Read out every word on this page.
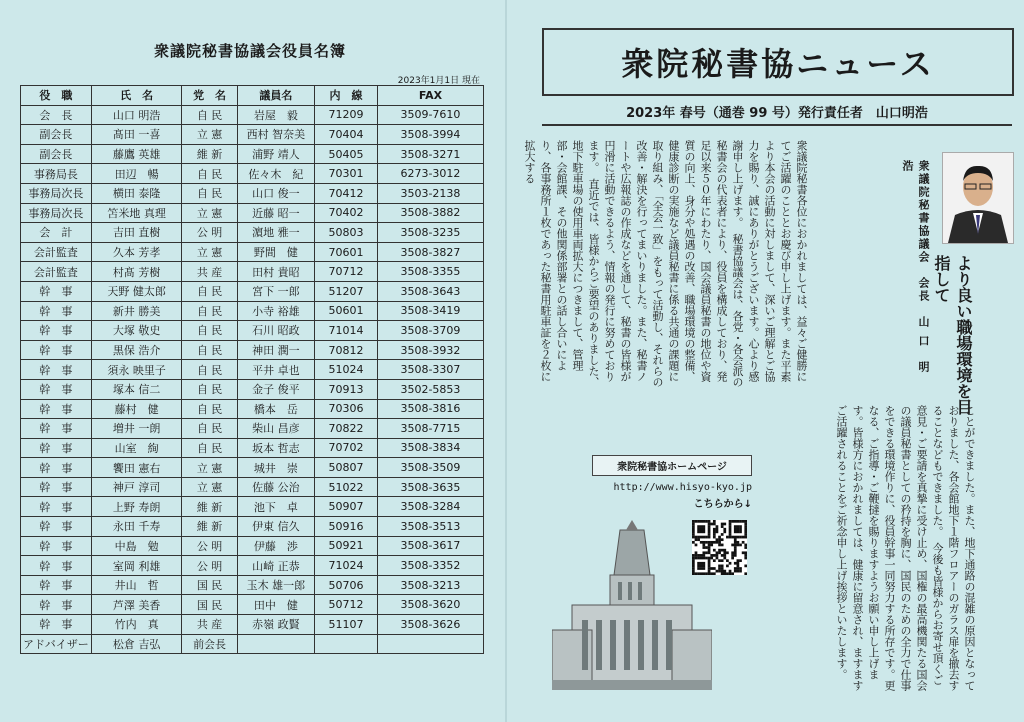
衆議院秘書協議会役員名簿
2023年1月1日 現在
役　職	氏　名	党　名	議員名	内　線	FAX
会　長	山口 明浩	自 民	岩屋　毅	71209	3509-7610
副会長	髙田 一喜	立 憲	西村 智奈美	70404	3508-3994
副会長	藤鷹 英雄	維 新	浦野 靖人	50405	3508-3271
事務局長	田辺　暢	自 民	佐々木　紀	70301	6273-3012
事務局次長	横田 泰隆	自 民	山口 俊一	70412	3503-2138
事務局次長	笘米地 真理	立 憲	近藤 昭一	70402	3508-3882
会　計	吉田 直樹	公 明	濵地 雅一	50803	3508-3235
会計監査	久本 芳孝	立 憲	野間　健	70601	3508-3827
会計監査	村髙 芳樹	共 産	田村 貴昭	70712	3508-3355
幹　事	天野 健太郎	自 民	宮下 一郎	51207	3508-3643
幹　事	新井 勝美	自 民	小寺 裕雄	50601	3508-3419
幹　事	大塚 敬史	自 民	石川 昭政	71014	3508-3709
幹　事	黒保 浩介	自 民	神田 潤一	70812	3508-3932
幹　事	須永 映里子	自 民	平井 卓也	51024	3508-3307
幹　事	塚本 信二	自 民	金子 俊平	70913	3502-5853
幹　事	藤村　健	自 民	橋本　岳	70306	3508-3816
幹　事	増井 一朗	自 民	柴山 昌彦	70822	3508-7715
幹　事	山室　絢	自 民	坂本 哲志	70702	3508-3834
幹　事	饗田 憲右	立 憲	城井　崇	50807	3508-3509
幹　事	神戸 淳司	立 憲	佐藤 公治	51022	3508-3635
幹　事	上野 寿朗	維 新	池下　卓	50907	3508-3284
幹　事	永田 千寿	維 新	伊東 信久	50916	3508-3513
幹　事	中島　勉	公 明	伊藤　渉	50921	3508-3617
幹　事	室岡 利雄	公 明	山崎 正恭	71024	3508-3352
幹　事	井山　哲	国 民	玉木 雄一郎	50706	3508-3213
幹　事	芦澤 美香	国 民	田中　健	50712	3508-3620
幹　事	竹内　真	共 産	赤嶺 政賢	51107	3508-3626
アドバイザー	松倉 吉弘	前会長			
衆院秘書協ニュース
2023年 春号（通巻 99 号）発行責任者　山口明浩
より良い職場環境を目指して
衆議院秘書協議会　会長　山 口　明　浩
衆議院秘書各位におかれましては、益々ご健勝にてご活躍のこととお慶び申し上げます。また平素より本会の活動に対しまして、深いご理解とご協力を賜り、誠にありがとうございます。心より感謝申し上げます。　秘書協議会は、各党・各会派の秘書会の代表者により、役員を構成しており、発足以来５０年にわたり、国会議員秘書の地位や資質の向上、身分や処遇の改善、職場環境の整備、健康診断の実施など議員秘書に係る共通の課題に取り組み、「全会一致」をもって活動し、それらの改善・解決を行ってまいりました。また、秘書ノートや広報誌の作成などを通して、秘書の皆様が円滑に活動できるよう、情報の発行に努めております。　直近では、皆様からご要望のありました、地下駐車場の使用車両拡大につきまして、管理部・会館課、その他関係部署との話し合いにより、各事務所１枚であった秘書用駐車証を２枚に拡大する
ことができました。また、地下通路の混雑の原因となっておりました、各会館地下１階フロアーのガラス扉を撤去することなどもできました。　今後も皆様からお寄せ頂くご意見・ご要請を真摯に受け止め、国権の最高機関たる国会の議員秘書としての矜持を胸に、国民のための全力で仕事をできる環境作りに、役員幹事一同努力する所存です。更なる、ご指導・ご鞭撻を賜りますようお願い申し上げます。皆様方におかれましては、健康に留意され、ますますご活躍されることをご祈念申し上げ挨拶といたします。
衆院秘書協ホームページ
http://www.hisyo-kyo.jp
こちらから↓
